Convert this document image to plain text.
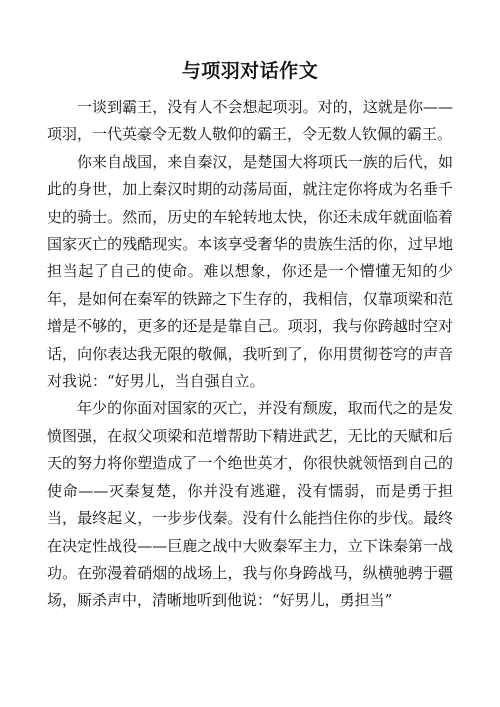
与项羽对话作文

一谈到霸王，没有人不会想起项羽。对的，这就是你——项羽，一代英豪令无数人敬仰的霸王，令无数人钦佩的霸王。

你来自战国，来自秦汉，是楚国大将项氏一族的后代，如此的身世，加上秦汉时期的动荡局面，就注定你将成为名垂千史的骑士。然而，历史的车轮转地太快，你还未成年就面临着国家灭亡的残酷现实。本该享受奢华的贵族生活的你，过早地担当起了自己的使命。难以想象，你还是一个懵懂无知的少年，是如何在秦军的铁蹄之下生存的，我相信，仅靠项梁和范增是不够的，更多的还是是靠自己。项羽，我与你跨越时空对话，向你表达我无限的敬佩，我听到了，你用贯彻苍穹的声音对我说：“好男儿，当自强自立。

年少的你面对国家的灭亡，并没有颓废，取而代之的是发愤图强，在叔父项梁和范增帮助下精进武艺，无比的天赋和后天的努力将你塑造成了一个绝世英才，你很快就领悟到自己的使命——灭秦复楚，你并没有逃避，没有懦弱，而是勇于担当，最终起义，一步步伐秦。没有什么能挡住你的步伐。最终在决定性战役——巨鹿之战中大败秦军主力，立下诛秦第一战功。在弥漫着硝烟的战场上，我与你身跨战马，纵横驰骋于疆场，厮杀声中，清晰地听到他说：“好男儿，勇担当”
